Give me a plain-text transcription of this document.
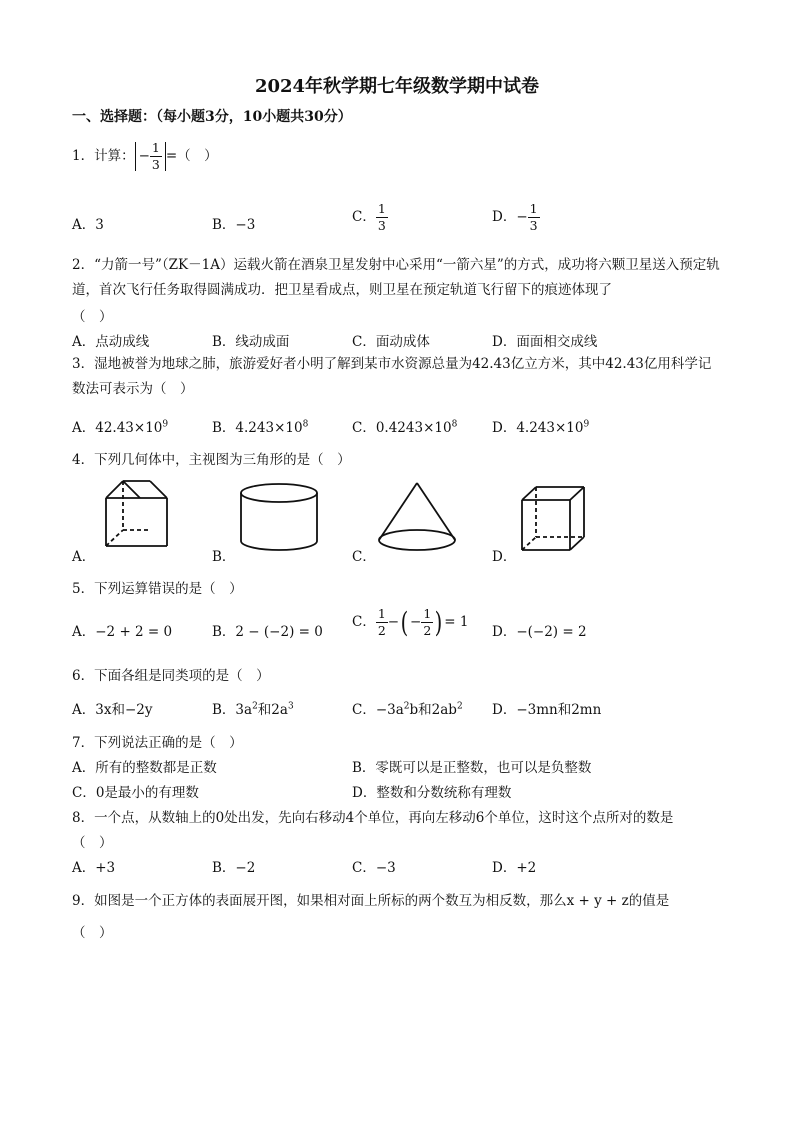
2024年秋学期七年级数学期中试卷
一、选择题：（每小题3分，10小题共30分）
1．计算： − $\frac{1}{3}$ =（　）
A．3	B．−3	C． $\frac{1}{3}$	D．− $\frac{1}{3}$
2．“力箭一号”（ZK－1A）运载火箭在酒泉卫星发射中心采用“一箭六星”的方式，成功将六颗卫星送入预定轨道，首次飞行任务取得圆满成功．把卫星看成点，则卫星在预定轨道飞行留下的痕迹体现了
（　）
A．点动成线	B．线动成面	C．面动成体	D．面面相交成线
3．湿地被誉为地球之肺，旅游爱好者小明了解到某市水资源总量为42.43亿立方米，其中42.43亿用科学记数法可表示为（　）
A．$42.43\times 10^9$	B．$4.243\times 10^8$	C．$0.4243\times 10^8$	D．$4.243\times 10^9$
4．下列几何体中，主视图为三角形的是（　）
A．	B．	C．	D．
5．下列运算错误的是（　）
A．−2 + 2 = 0	B．2 − (−2) = 0
C． $\frac{1}{2}$ −( − $\frac{1}{2}$ ) = 1
D．−(−2) = 2
6．下面各组是同类项的是（　）
A．3x和−2y	B．$3a^2$和$2a^3$	C．$-3a^2b$和$2ab^2$ D．−3mn和2mn
7．下列说法正确的是（　）
A．所有的整数都是正数	B．零既可以是正整数，也可以是负整数
C．0是最小的有理数	D．整数和分数统称有理数
8．一个点，从数轴上的0处出发，先向右移动4个单位，再向左移动6个单位，这时这个点所对的数是
（　）
A．+3	B．−2	C．−3	D．+2
9．如图是一个正方体的表面展开图，如果相对面上所标的两个数互为相反数，那么x + y + z的值是
（　）
